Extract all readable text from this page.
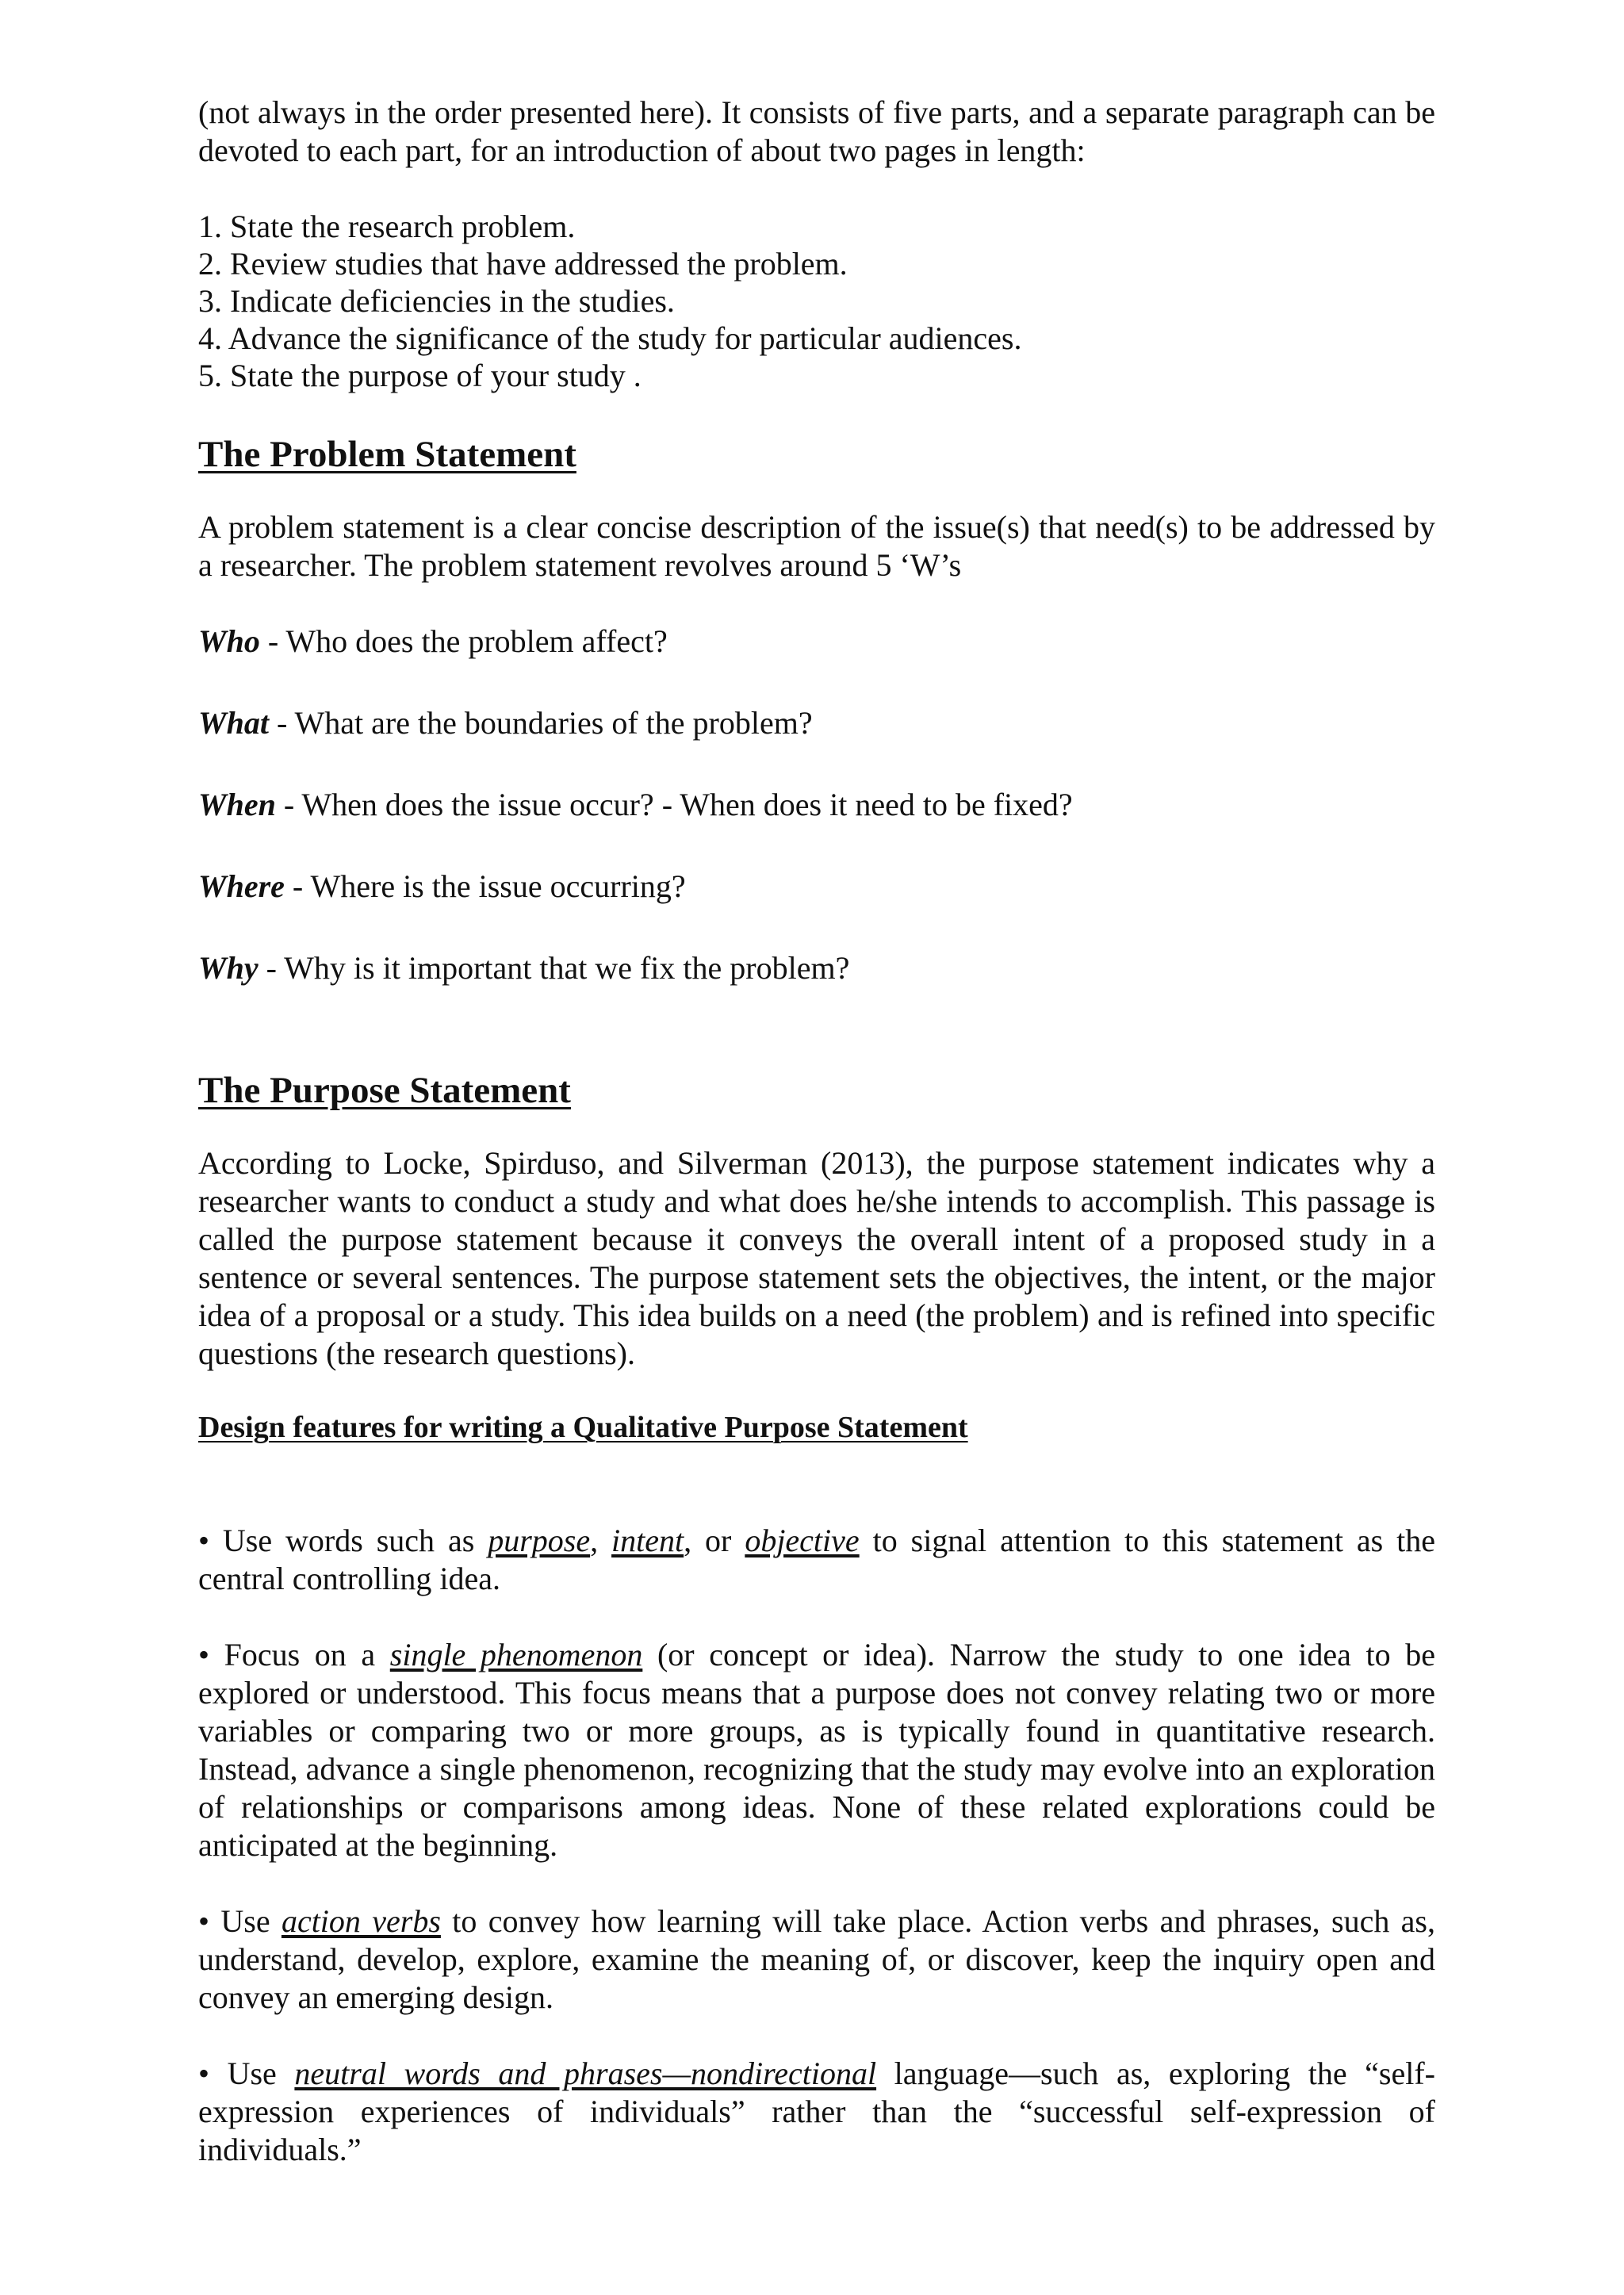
(not always in the order presented here). It consists of five parts, and a separate paragraph can be devoted to each part, for an introduction of about two pages in length:

1. State the research problem.
2. Review studies that have addressed the problem.
3. Indicate deficiencies in the studies.
4. Advance the significance of the study for particular audiences.
5. State the purpose of your study .
The Problem Statement

A problem statement is a clear concise description of the issue(s) that need(s) to be addressed by a researcher. The problem statement revolves around 5 ‘W’s

Who - Who does the problem affect?
What - What are the boundaries of the problem?
When - When does the issue occur? - When does it need to be fixed?
Where - Where is the issue occurring?
Why - Why is it important that we fix the problem?
The Purpose Statement

According to Locke, Spirduso, and Silverman (2013), the purpose statement indicates why a researcher wants to conduct a study and what does he/she intends to accomplish. This passage is called the purpose statement because it conveys the overall intent of a proposed study in a sentence or several sentences. The purpose statement sets the objectives, the intent, or the major idea of a proposal or a study. This idea builds on a need (the problem) and is refined into specific questions (the research questions).

Design features for writing a Qualitative Purpose Statement

• Use words such as purpose, intent, or objective to signal attention to this statement as the central controlling idea.

• Focus on a single phenomenon (or concept or idea). Narrow the study to one idea to be explored or understood. This focus means that a purpose does not convey relating two or more variables or comparing two or more groups, as is typically found in quantitative research. Instead, advance a single phenomenon, recognizing that the study may evolve into an exploration of relationships or comparisons among ideas. None of these related explorations could be anticipated at the beginning.

• Use action verbs to convey how learning will take place. Action verbs and phrases, such as, understand, develop, explore, examine the meaning of, or discover, keep the inquiry open and convey an emerging design.

• Use neutral words and phrases—nondirectional language—such as, exploring the “self-expression experiences of individuals” rather than the “successful self-expression of individuals.”
